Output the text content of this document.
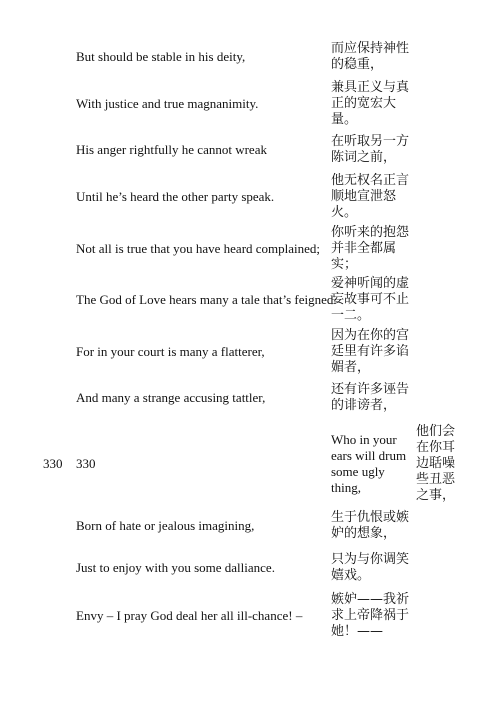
But should be stable in his deity,
而应保持神性
的稳重，
With justice and true magnanimity.
兼具正义与真
正的宽宏大
量。
His anger rightfully he cannot wreak
在听取另一方
陈词之前，
Until he’s heard the other party speak.
他无权名正言
顺地宣泄怒
火。
Not all is true that you have heard complained;
你听来的抱怨
并非全都属
实；
The God of Love hears many a tale that’s feigned.
爱神听闻的虚
妄故事可不止
一二。
For in your court is many a flatterer,
因为在你的宫
廷里有许多谄
媚者，
And many a strange accusing tattler,
还有许多诬告
的诽谤者，
330 330
Who in your
ears will drum
some ugly
thing,
他们会
在你耳
边聒噪
些丑恶
之事，
Born of hate or jealous imagining,
生于仇恨或嫉
妒的想象，
Just to enjoy with you some dalliance.
只为与你调笑
嬉戏。
Envy – I pray God deal her all ill-chance! –
嫉妒——我祈
求上帝降祸于
她！——
